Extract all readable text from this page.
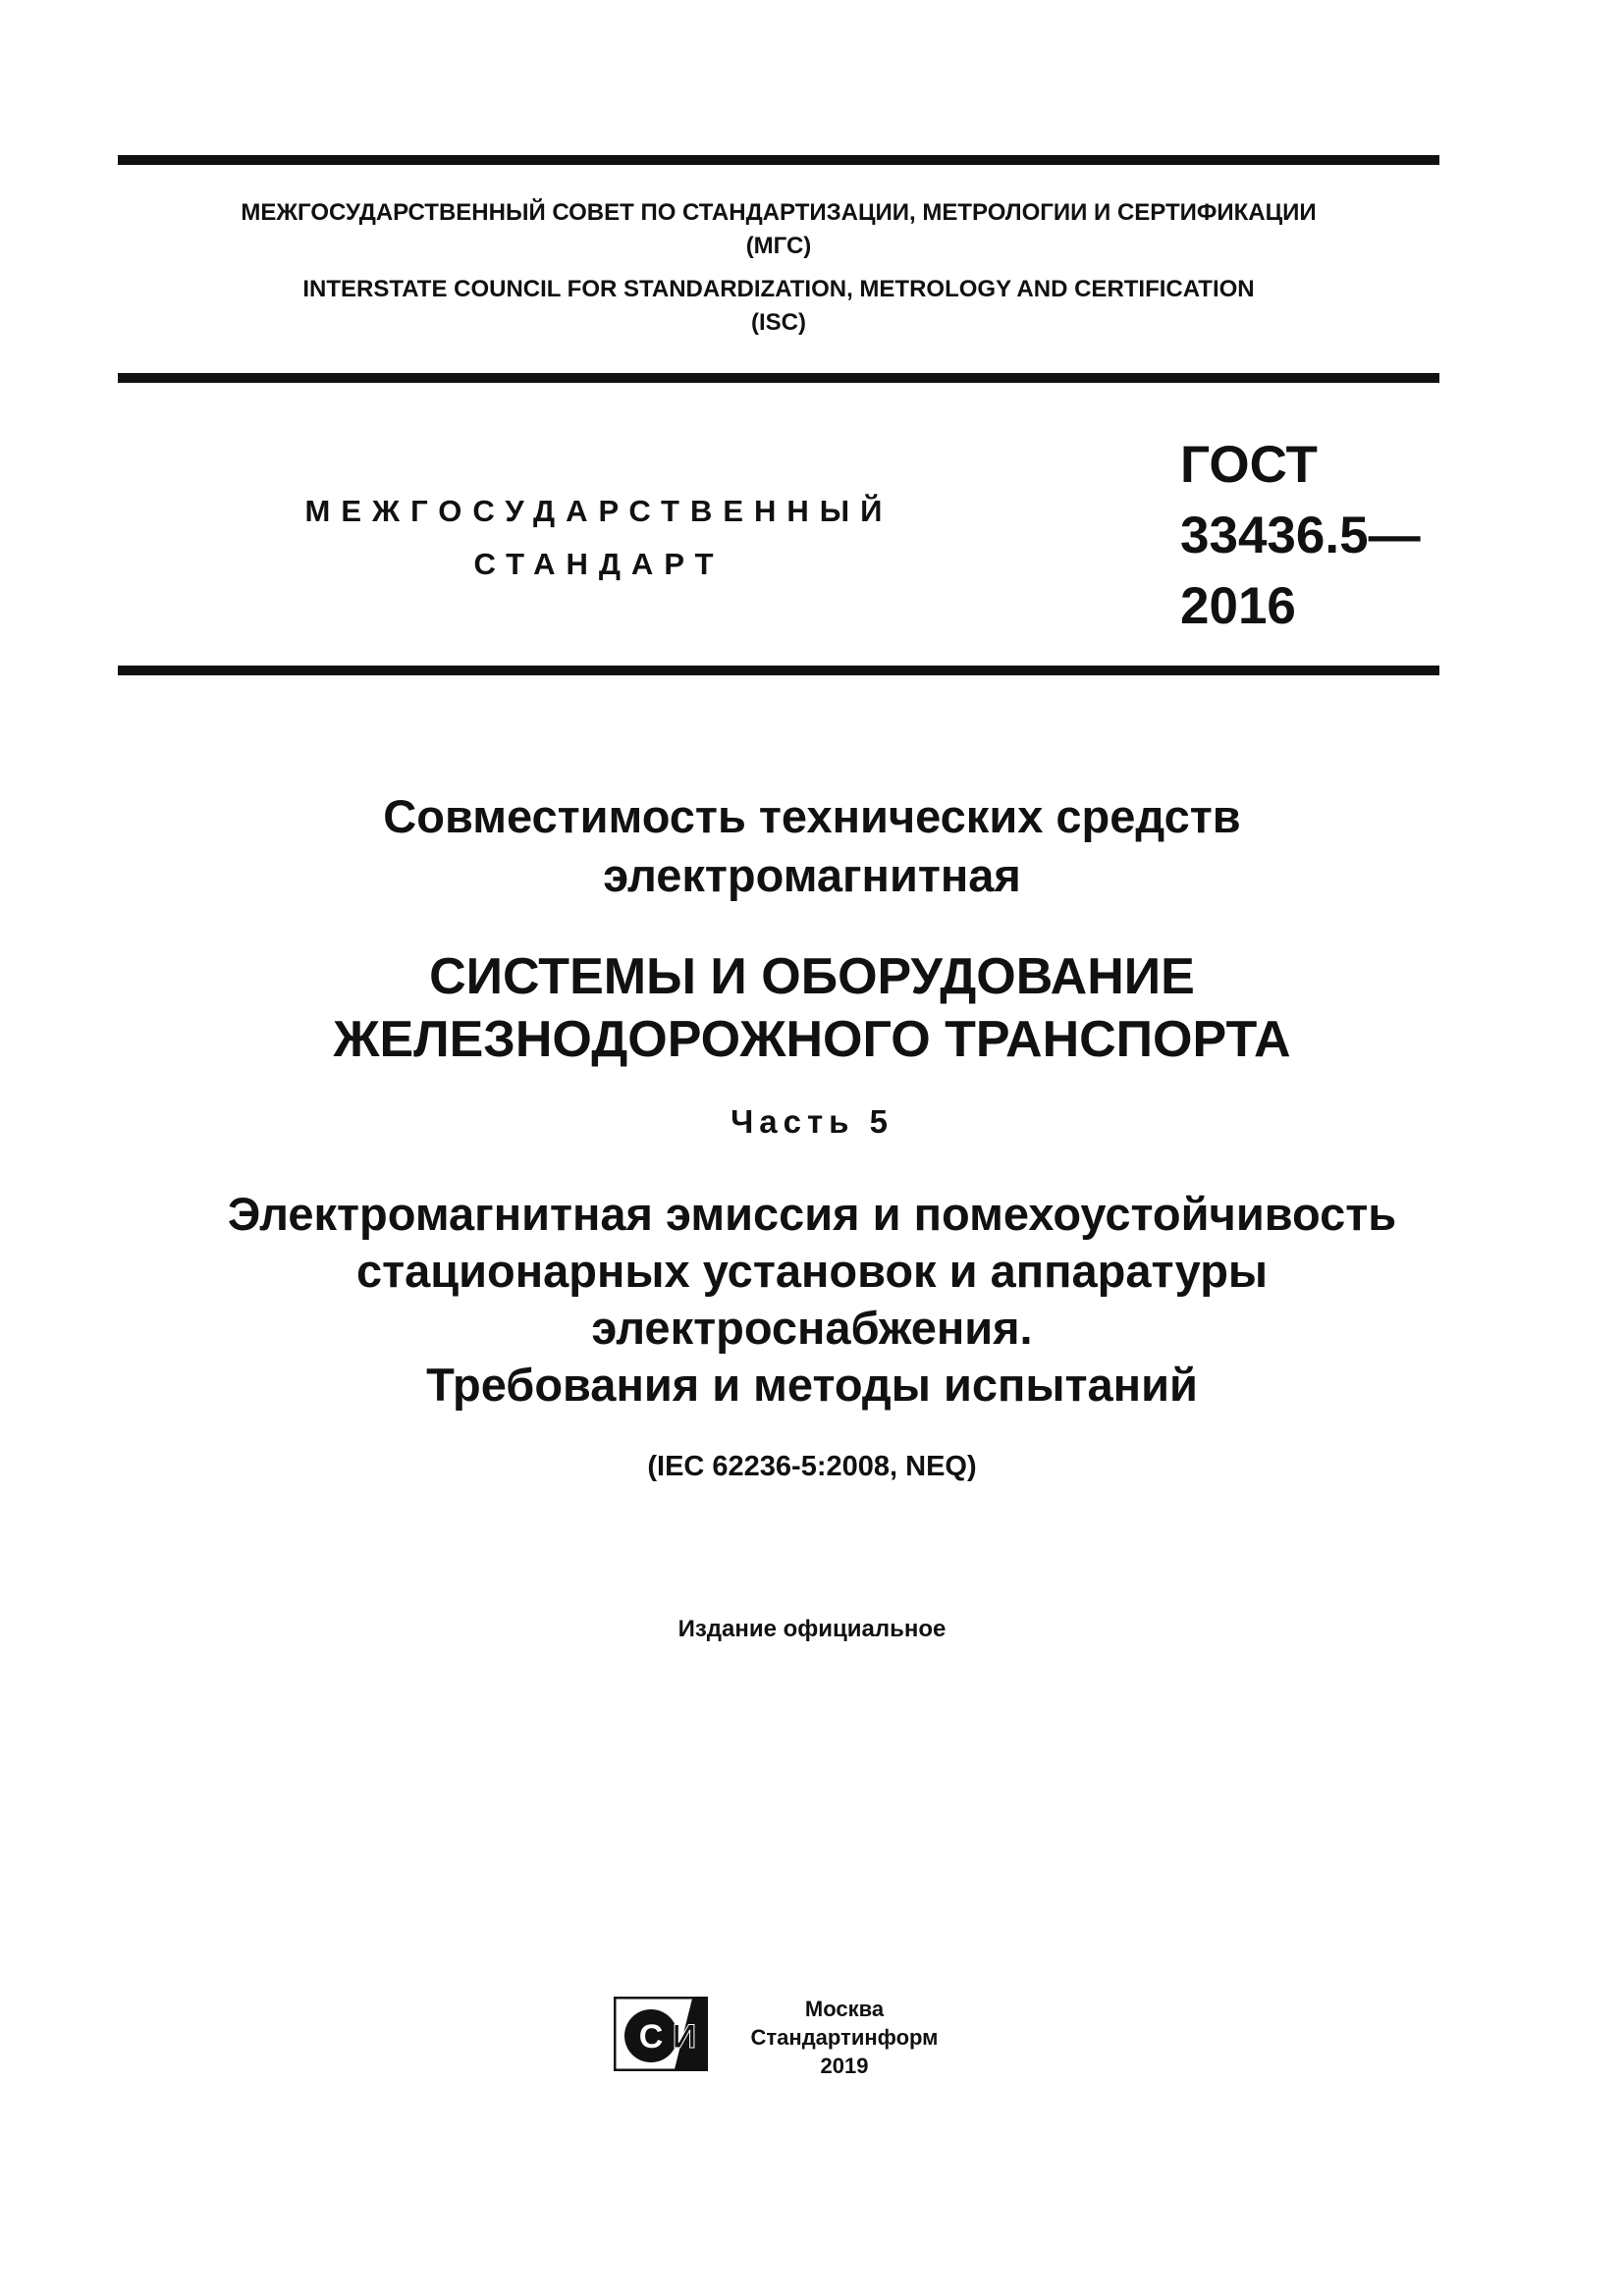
МЕЖГОСУДАРСТВЕННЫЙ СОВЕТ ПО СТАНДАРТИЗАЦИИ, МЕТРОЛОГИИ И СЕРТИФИКАЦИИ
(МГС)
INTERSTATE COUNCIL FOR STANDARDIZATION, METROLOGY AND CERTIFICATION
(ISC)
МЕЖГОСУДАРСТВЕННЫЙ
СТАНДАРТ
ГОСТ
33436.5—
2016
Совместимость технических средств
электромагнитная
СИСТЕМЫ И ОБОРУДОВАНИЕ
ЖЕЛЕЗНОДОРОЖНОГО ТРАНСПОРТА
Часть 5
Электромагнитная эмиссия и помехоустойчивость
стационарных установок и аппаратуры
электроснабжения.
Требования и методы испытаний
(IEC 62236-5:2008, NEQ)
Издание официальное
С И
Москва
Стандартинформ
2019
